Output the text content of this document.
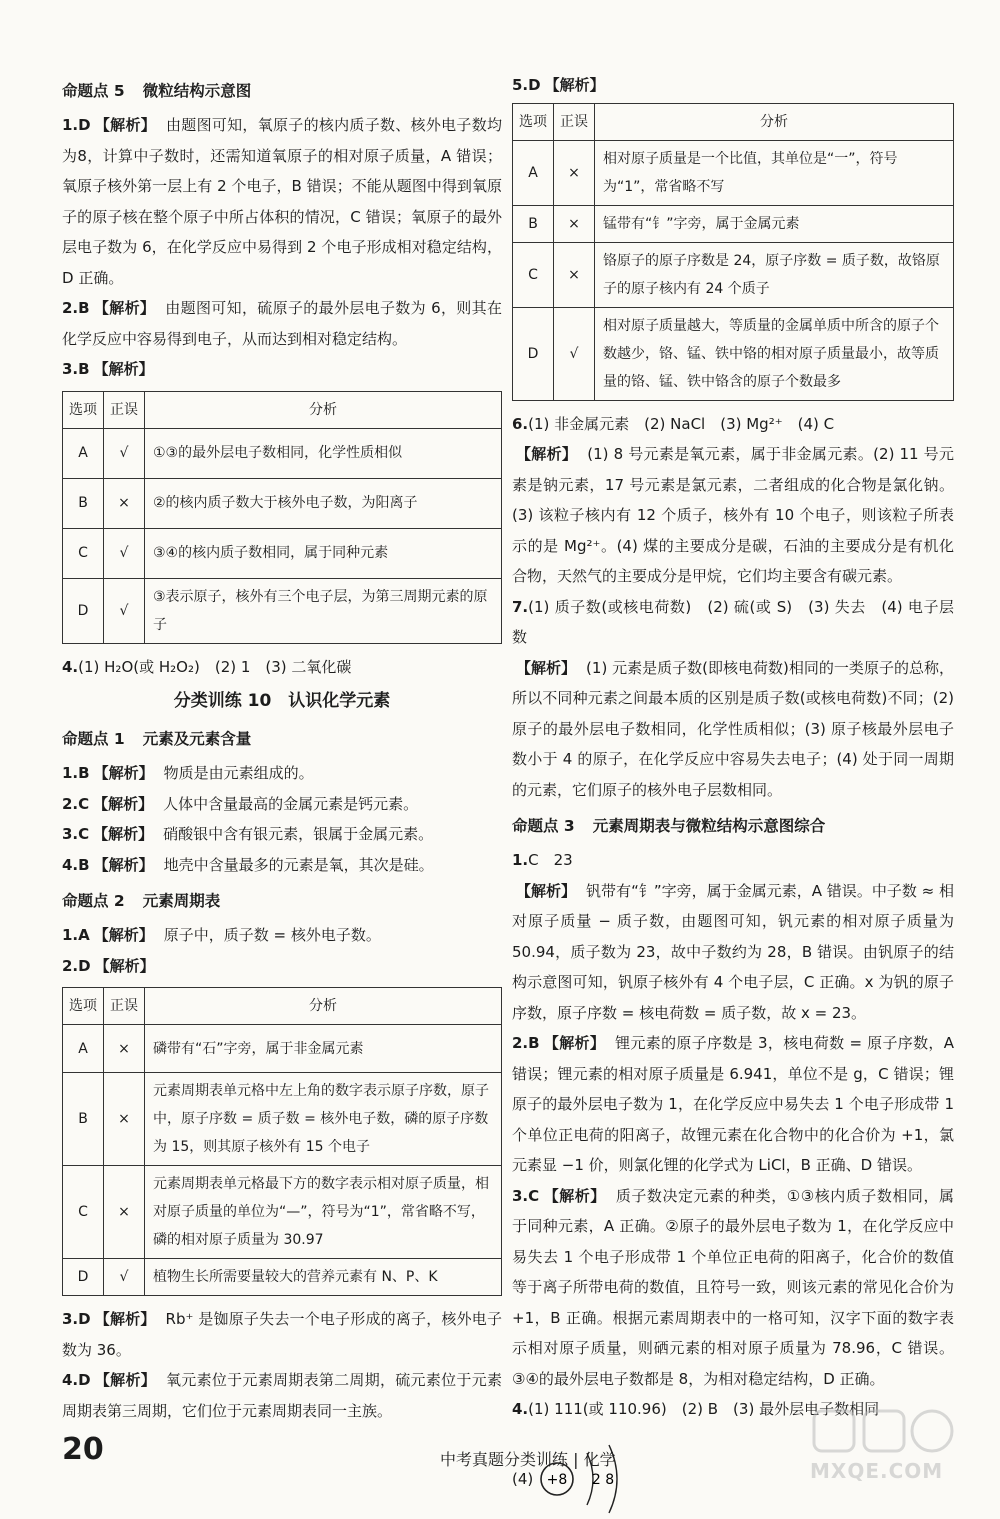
命题点 5 微粒结构示意图

1.D 【解析】 由题图可知，氧原子的核内质子数、核外电子数均为8，计算中子数时，还需知道氧原子的相对原子质量，A 错误；氧原子核外第一层上有 2 个电子，B 错误；不能从题图中得到氧原子的原子核在整个原子中所占体积的情况，C 错误；氧原子的最外层电子数为 6，在化学反应中易得到 2 个电子形成相对稳定结构，D 正确。

2.B 【解析】 由题图可知，硫原子的最外层电子数为 6，则其在化学反应中容易得到电子，从而达到相对稳定结构。

3.B 【解析】

选项	正误	分析
A	√	①③的最外层电子数相同，化学性质相似
B	×	②的核内质子数大于核外电子数，为阳离子
C	√	③④的核内质子数相同，属于同种元素
D	√	③表示原子，核外有三个电子层，为第三周期元素的原子

4.(1) H₂O(或 H₂O₂)　(2) 1　(3) 二氧化碳

分类训练 10　认识化学元素
命题点 1 元素及元素含量

1.B 【解析】 物质是由元素组成的。

2.C 【解析】 人体中含量最高的金属元素是钙元素。

3.C 【解析】 硝酸银中含有银元素，银属于金属元素。

4.B 【解析】 地壳中含量最多的元素是氧，其次是硅。

命题点 2 元素周期表

1.A 【解析】 原子中，质子数 = 核外电子数。

2.D 【解析】

选项	正误	分析
A	×	磷带有“石”字旁，属于非金属元素
B	×	元素周期表单元格中左上角的数字表示原子序数，原子中，原子序数 = 质子数 = 核外电子数，磷的原子序数为 15，则其原子核外有 15 个电子
C	×	元素周期表单元格最下方的数字表示相对原子质量，相对原子质量的单位为“—”，符号为“1”，常省略不写，磷的相对原子质量为 30.97
D	√	植物生长所需要量较大的营养元素有 N、P、K

3.D 【解析】 Rb⁺ 是铷原子失去一个电子形成的离子，核外电子数为 36。

4.D 【解析】 氧元素位于元素周期表第二周期，硫元素位于元素周期表第三周期，它们位于元素周期表同一主族。

5.D 【解析】

选项	正误	分析
A	×	相对原子质量是一个比值，其单位是“一”，符号为“1”，常省略不写
B	×	锰带有“钅”字旁，属于金属元素
C	×	铬原子的原子序数是 24，原子序数 = 质子数，故铬原子的原子核内有 24 个质子
D	√	相对原子质量越大，等质量的金属单质中所含的原子个数越少，铬、锰、铁中铬的相对原子质量最小，故等质量的铬、锰、铁中铬含的原子个数最多

6.(1) 非金属元素　(2) NaCl　(3) Mg²⁺　(4) C

【解析】 (1) 8 号元素是氧元素，属于非金属元素。(2) 11 号元素是钠元素，17 号元素是氯元素，二者组成的化合物是氯化钠。(3) 该粒子核内有 12 个质子，核外有 10 个电子，则该粒子所表示的是 Mg²⁺。(4) 煤的主要成分是碳，石油的主要成分是有机化合物，天然气的主要成分是甲烷，它们均主要含有碳元素。

7.(1) 质子数(或核电荷数)　(2) 硫(或 S)　(3) 失去　(4) 电子层数

【解析】 (1) 元素是质子数(即核电荷数)相同的一类原子的总称，所以不同种元素之间最本质的区别是质子数(或核电荷数)不同；(2) 原子的最外层电子数相同，化学性质相似；(3) 原子核最外层电子数小于 4 的原子，在化学反应中容易失去电子；(4) 处于同一周期的元素，它们原子的核外电子层数相同。

命题点 3 元素周期表与微粒结构示意图综合

1.C　23

【解析】 钒带有“钅”字旁，属于金属元素，A 错误。中子数 ≈ 相对原子质量 − 质子数，由题图可知，钒元素的相对原子质量为 50.94，质子数为 23，故中子数约为 28，B 错误。由钒原子的结构示意图可知，钒原子核外有 4 个电子层，C 正确。x 为钒的原子序数，原子序数 = 核电荷数 = 质子数，故 x = 23。

2.B 【解析】 锂元素的原子序数是 3，核电荷数 = 原子序数，A 错误；锂元素的相对原子质量是 6.941，单位不是 g，C 错误；锂原子的最外层电子数为 1，在化学反应中易失去 1 个电子形成带 1 个单位正电荷的阳离子，故锂元素在化合物中的化合价为 +1，氯元素显 −1 价，则氯化锂的化学式为 LiCl，B 正确、D 错误。

3.C 【解析】 质子数决定元素的种类，①③核内质子数相同，属于同种元素，A 正确。②原子的最外层电子数为 1，在化学反应中易失去 1 个电子形成带 1 个单位正电荷的阳离子，化合价的数值等于离子所带电荷的数值，且符号一致，则该元素的常见化合价为 +1，B 正确。根据元素周期表中的一格可知，汉字下面的数字表示相对原子质量，则硒元素的相对原子质量为 78.96，C 错误。③④的最外层电子数都是 8，为相对稳定结构，D 正确。

4.(1) 111(或 110.96)　(2) B　(3) 最外层电子数相同

(4) +8 2 8
20	中考真题分类训练 | 化学	MXQE.COM
